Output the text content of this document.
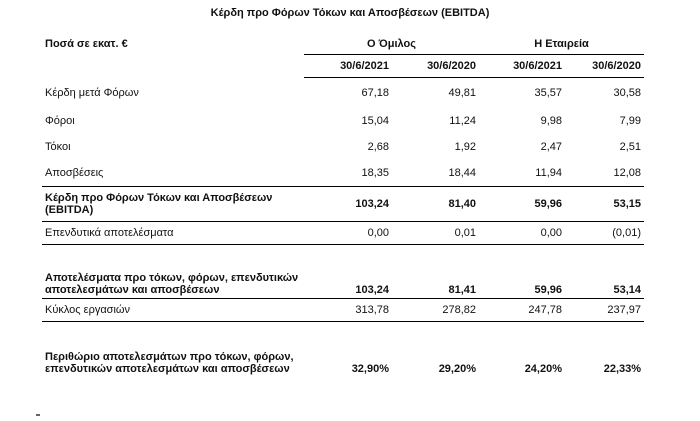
Κέρδη προ Φόρων Τόκων και Αποσβέσεων (EBITDA)
Ποσά σε εκατ. €	Ο Όμιλος		Η Εταιρεία	
	30/6/2021	30/6/2020	30/6/2021	30/6/2020
Κέρδη μετά Φόρων	67,18	49,81	35,57	30,58
Φόροι	15,04	11,24	9,98	7,99
Τόκοι	2,68	1,92	2,47	2,51
Αποσβέσεις	18,35	18,44	11,94	12,08
Κέρδη προ Φόρων Τόκων και Αποσβέσεων (EBITDA)	103,24	81,40	59,96	53,15
Επενδυτικά αποτελέσματα	0,00	0,01	0,00	(0,01)
Αποτελέσματα προ τόκων, φόρων, επενδυτικών αποτελεσμάτων και αποσβέσεων	103,24	81,41	59,96	53,14
Κύκλος εργασιών	313,78	278,82	247,78	237,97
Περιθώριο αποτελεσμάτων προ τόκων, φόρων, επενδυτικών αποτελεσμάτων και αποσβέσεων	32,90%	29,20%	24,20%	22,33%
